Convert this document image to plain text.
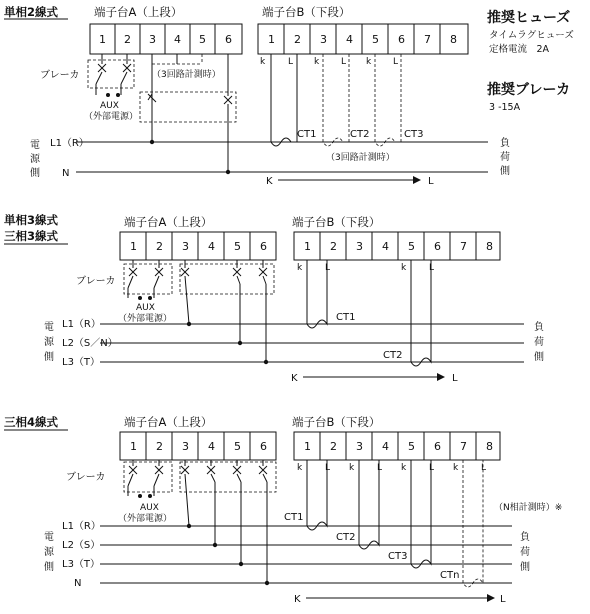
推奨ヒューズ
タイムラグヒューズ
定格電流　2A
推奨ブレーカ
3 -15A
単相2線式	端子台A（上段）	端子台B（下段）
1 2 3 4 5 6	1 2 3 4 5 6 7 8
ブレーカ
AUX
（外部電源）
（3回路計測時）
k	L k L k L
CT1	CT2	CT3
（3回路計測時）
L1（R）
N
電
源
側
負
荷
側
K	L
単相3線式
三相3線式
端子台A（上段）	端子台B（下段）
1 2 3 4 5 6	1 2 3 4 5 6 7 8
ブレーカ
AUX
（外部電源）
k	L	k	L
CT1
CT2
L1（R）
L2（S／N）
L3（T）
電
源
側
負
荷
側
K	L
三相4線式	端子台A（上段）	端子台B（下段）
1 2 3 4 5 6	1 2 3 4 5 6 7 8
ブレーカ
AUX
（外部電源）
k	L k	L k	L k	L
CT1
CT2
CT3
CTn
（N相計測時）※
L1（R）
L2（S）
L3（T）
N
電
源
側
負
荷
側
K	L
